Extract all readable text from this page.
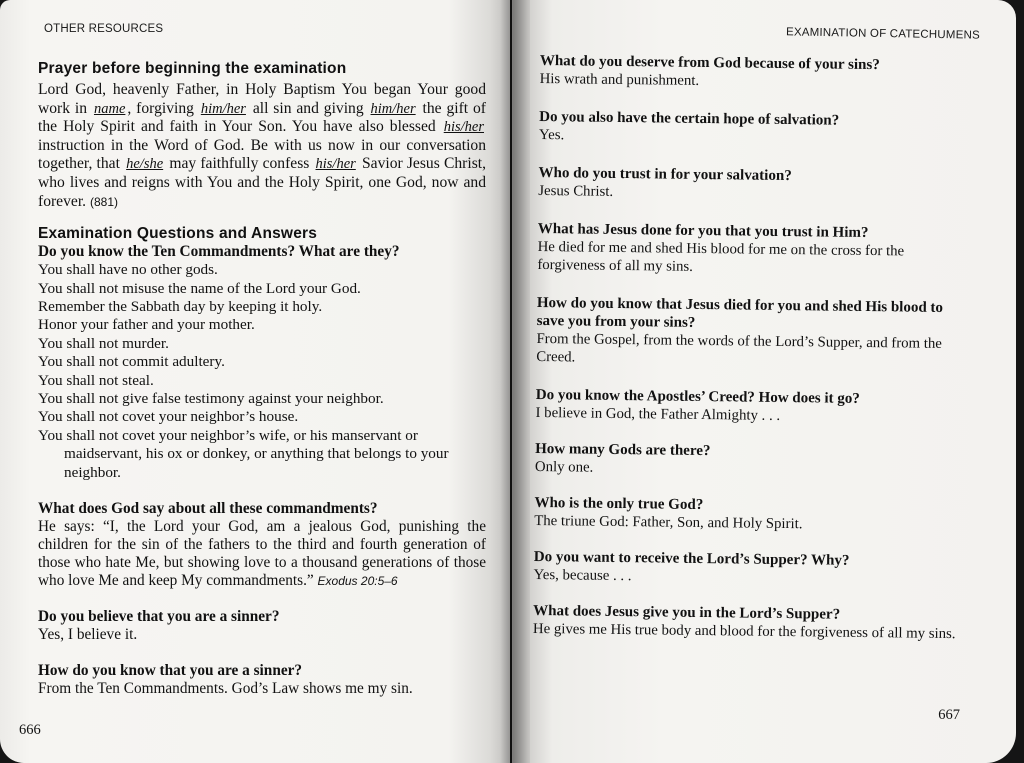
OTHER RESOURCES
Prayer before beginning the examination

Lord God, heavenly Father, in Holy Baptism You began Your good work in name , forgiving him/her all sin and giving him/her the gift of the Holy Spirit and faith in Your Son. You have also blessed his/her instruction in the Word of God. Be with us now in our conversation together, that he/she may faithfully confess his/her Savior Jesus Christ, who lives and reigns with You and the Holy Spirit, one God, now and forever. (881)

Examination Questions and Answers

Do you know the Ten Commandments? What are they?

You shall have no other gods.
You shall not misuse the name of the Lord your God.
Remember the Sabbath day by keeping it holy.
Honor your father and your mother.
You shall not murder.
You shall not commit adultery.
You shall not steal.
You shall not give false testimony against your neighbor.
You shall not covet your neighbor’s house.
You shall not covet your neighbor’s wife, or his manservant or maidservant, his ox or donkey, or anything that belongs to your neighbor.

What does God say about all these commandments?

He says: “I, the Lord your God, am a jealous God, punishing the children for the sin of the fathers to the third and fourth generation of those who hate Me, but showing love to a thousand generations of those who love Me and keep My commandments.” Exodus 20:5–6

Do you believe that you are a sinner?

Yes, I believe it.

How do you know that you are a sinner?

From the Ten Commandments. God’s Law shows me my sin.

666
EXAMINATION OF CATECHUMENS

What do you deserve from God because of your sins?

His wrath and punishment.

Do you also have the certain hope of salvation?

Yes.

Who do you trust in for your salvation?

Jesus Christ.

What has Jesus done for you that you trust in Him?

He died for me and shed His blood for me on the cross for the forgiveness of all my sins.

How do you know that Jesus died for you and shed His blood to save you from your sins?

From the Gospel, from the words of the Lord’s Supper, and from the Creed.

Do you know the Apostles’ Creed? How does it go?

I believe in God, the Father Almighty . . .

How many Gods are there?

Only one.

Who is the only true God?

The triune God: Father, Son, and Holy Spirit.

Do you want to receive the Lord’s Supper? Why?

Yes, because . . .

What does Jesus give you in the Lord’s Supper?

He gives me His true body and blood for the forgiveness of all my sins.

667
